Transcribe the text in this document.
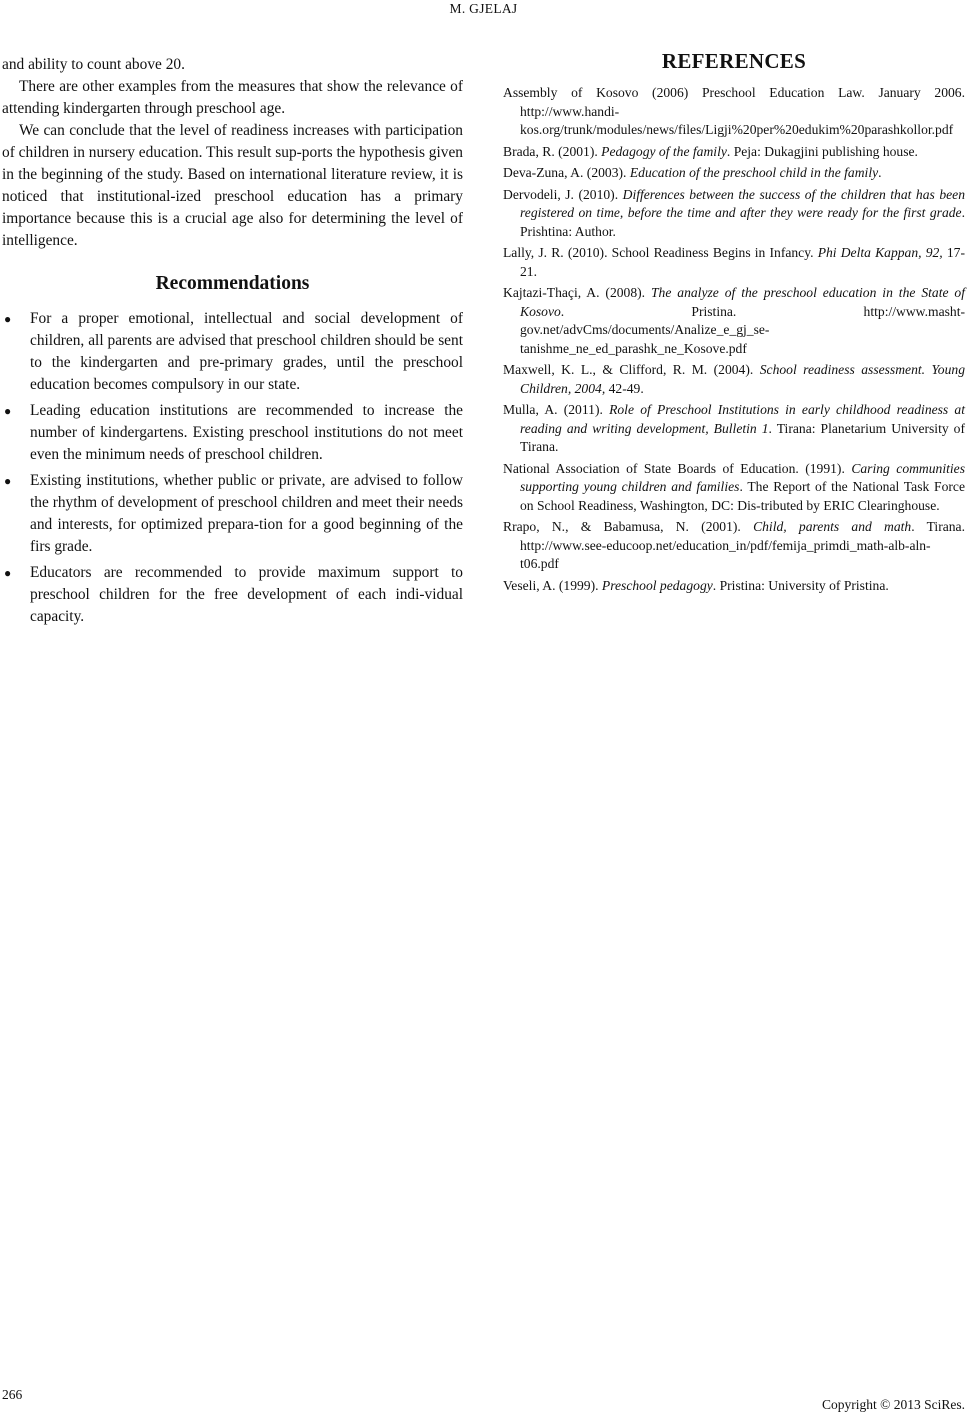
M. GJELAJ

and ability to count above 20.

There are other examples from the measures that show the relevance of attending kindergarten through preschool age.

We can conclude that the level of readiness increases with participation of children in nursery education. This result sup-ports the hypothesis given in the beginning of the study. Based on international literature review, it is noticed that institutional-ized preschool education has a primary importance because this is a crucial age also for determining the level of intelligence.

Recommendations
● For a proper emotional, intellectual and social development of children, all parents are advised that preschool children should be sent to the kindergarten and pre-primary grades, until the preschool education becomes compulsory in our state.
● Leading education institutions are recommended to increase the number of kindergartens. Existing preschool institutions do not meet even the minimum needs of preschool children.
● Existing institutions, whether public or private, are advised to follow the rhythm of development of preschool children and meet their needs and interests, for optimized prepara-tion for a good beginning of the firs grade.
● Educators are recommended to provide maximum support to preschool children for the free development of each indi-vidual capacity.
REFERENCES

Assembly of Kosovo (2006) Preschool Education Law. January 2006. http://www.handi-kos.org/trunk/modules/news/files/Ligji%20per%20edukim%20parashkollor.pdf

Brada, R. (2001). Pedagogy of the family. Peja: Dukagjini publishing house.

Deva-Zuna, A. (2003). Education of the preschool child in the family.

Dervodeli, J. (2010). Differences between the success of the children that has been registered on time, before the time and after they were ready for the first grade. Prishtina: Author.

Lally, J. R. (2010). School Readiness Begins in Infancy. Phi Delta Kappan, 92, 17-21.

Kajtazi-Thaçi, A. (2008). The analyze of the preschool education in the State of Kosovo. Pristina. http://www.masht-gov.net/advCms/documents/Analize_e_gj_se-tanishme_ne_ed_parashk_ne_Kosove.pdf

Maxwell, K. L., & Clifford, R. M. (2004). School readiness assessment. Young Children, 2004, 42-49.

Mulla, A. (2011). Role of Preschool Institutions in early childhood readiness at reading and writing development, Bulletin 1. Tirana: Planetarium University of Tirana.

National Association of State Boards of Education. (1991). Caring communities supporting young children and families. The Report of the National Task Force on School Readiness, Washington, DC: Dis-tributed by ERIC Clearinghouse.

Rrapo, N., & Babamusa, N. (2001). Child, parents and math. Tirana. http://www.see-educoop.net/education_in/pdf/femija_primdi_math-alb-aln-t06.pdf

Veseli, A. (1999). Preschool pedagogy. Pristina: University of Pristina.

266
Copyright © 2013 SciRes.
